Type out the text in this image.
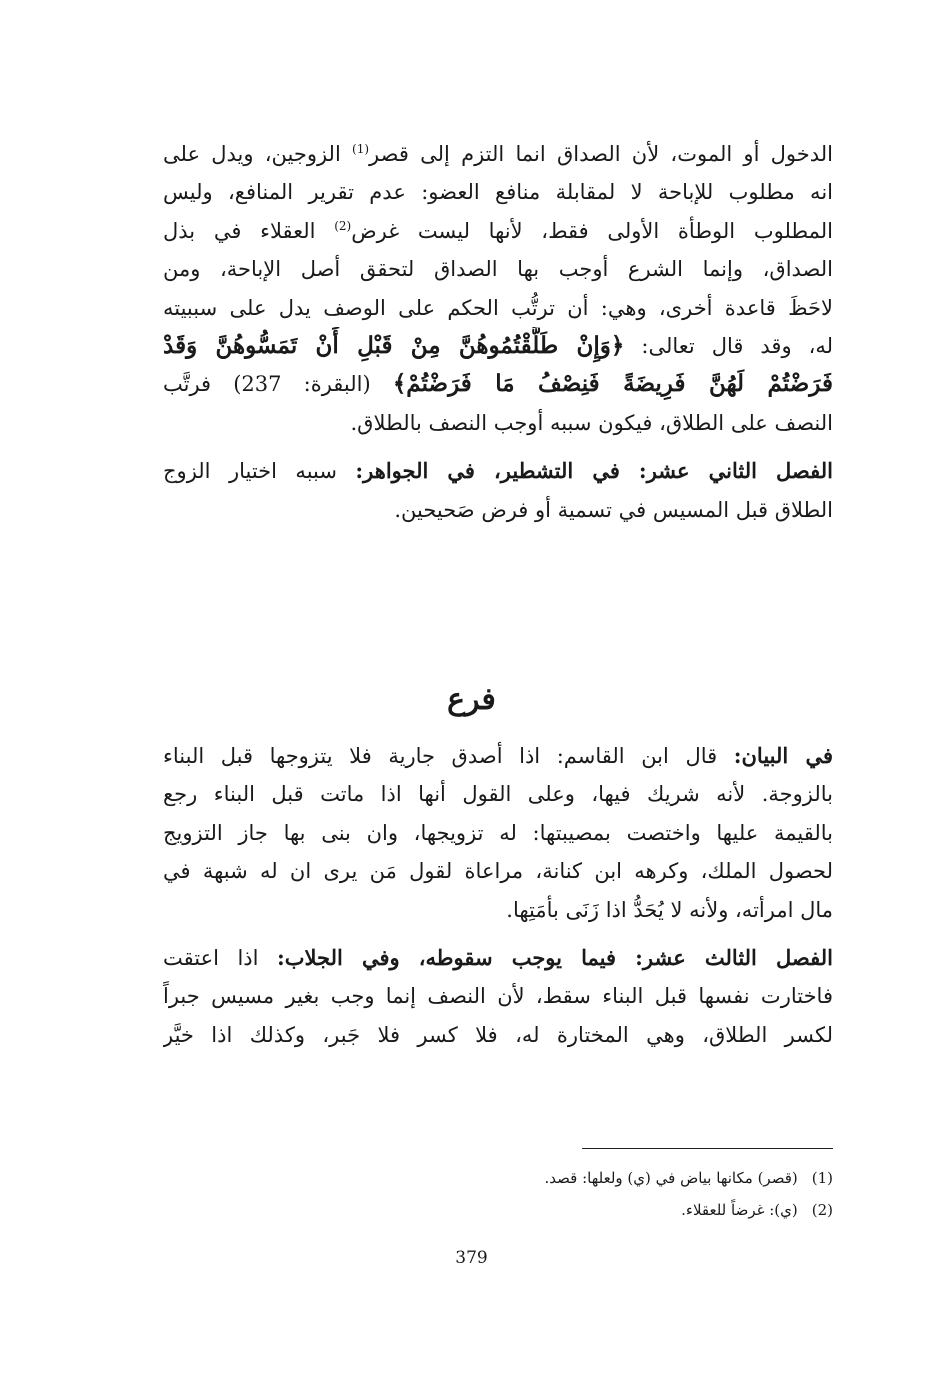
الدخول أو الموت، لأن الصداق انما التزم إلى قصر$^{(1)}$ الزوجين، ويدل على
انه مطلوب للإباحة لا لمقابلة منافع العضو: عدم تقرير المنافع، وليس
المطلوب الوطأة الأولى فقط، لأنها ليست غرض$^{(2)}$ العقلاء في بذل
الصداق، وإنما الشرع أوجب بها الصداق لتحقق أصل الإباحة، ومن
لاحَظَ قاعدة أخرى، وهي: أن ترتُّب الحكم على الوصف يدل على سببيته
له، وقد قال تعالى: ﴿وَإِنْ طَلَّقْتُمُوهُنَّ مِنْ قَبْلِ أَنْ تَمَسُّوهُنَّ وَقَدْ
فَرَضْتُمْ لَهُنَّ فَرِيضَةً فَنِصْفُ مَا فَرَضْتُمْ﴾ (البقرة: 237) فرتَّب
النصف على الطلاق، فيكون سببه أوجب النصف بالطلاق.
الفصل الثاني عشر: في التشطير، في الجواهر: سببه اختيار الزوج
الطلاق قبل المسيس في تسمية أو فرض صَحيحين.
فرع
في البيان: قال ابن القاسم: اذا أصدق جارية فلا يتزوجها قبل البناء
بالزوجة. لأنه شريك فيها، وعلى القول أنها اذا ماتت قبل البناء رجع
بالقيمة عليها واختصت بمصيبتها: له تزويجها، وان بنى بها جاز التزويج
لحصول الملك، وكرهه ابن كنانة، مراعاة لقول مَن يرى ان له شبهة في
مال امرأته، ولأنه لا يُحَدُّ اذا زَنَى بأمَتِها.
الفصل الثالث عشر: فيما يوجب سقوطه، وفي الجلاب: اذا اعتقت
فاختارت نفسها قبل البناء سقط، لأن النصف إنما وجب بغير مسيس جبراً
لكسر الطلاق، وهي المختارة له، فلا كسر فلا جَبر، وكذلك اذا خيَّر
(1)(قصر) مكانها بياض في (ي) ولعلها: قصد.
(2)(ي): غرضاً للعقلاء.
379
